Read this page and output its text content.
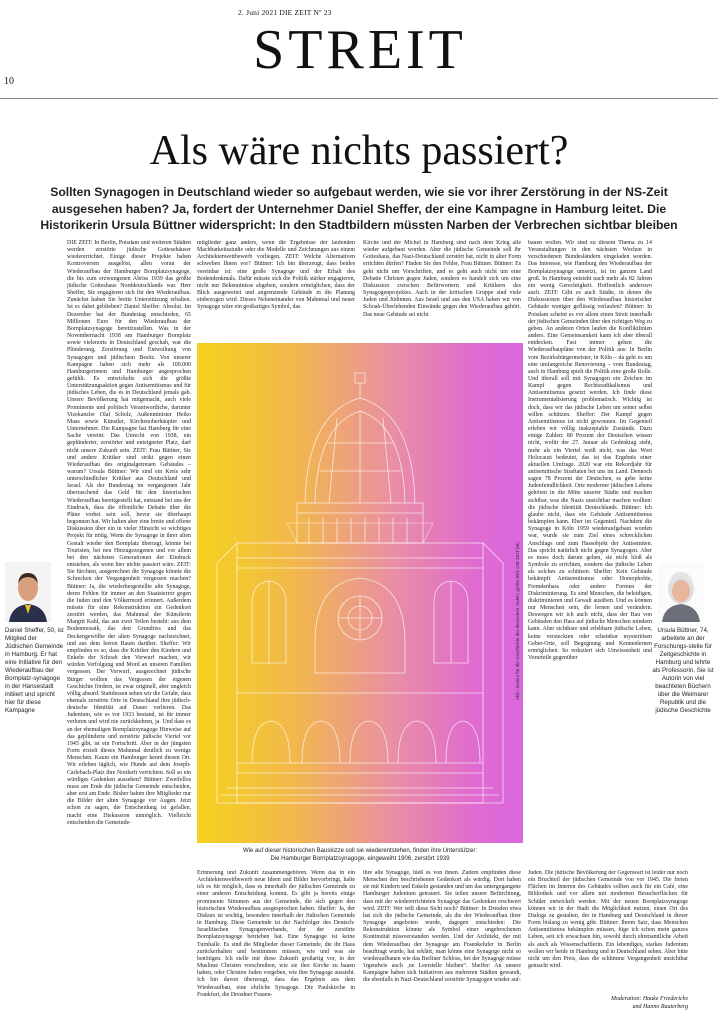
2. Juni 2021 DIE ZEIT Nº 23
STREIT
10
Als wäre nichts passiert?
Sollten Synagogen in Deutschland wieder so aufgebaut werden, wie sie vor ihrer Zerstörung in der NS-Zeit ausgesehen haben? Ja, fordert der Unternehmer Daniel Sheffer, der eine Kampagne in Hamburg leitet. Die Historikerin Ursula Büttner widerspricht: In den Stadtbildern müssten Narben der Verbrechen sichtbar bleiben
Daniel Sheffer, 50, ist Mitglied der Jüdischen Gemeinde in Hamburg. Er hat eine Initiative für den Wiederaufbau der Bornplatz-synagoge in der Hansestadt initiiert und spricht hier für diese Kampagne
Ursula Büttner, 74, arbeitete an der Forschungs-stelle für Zeitgeschichte in Hamburg und lehrte als Professorin. Sie ist Autorin von viel beachteten Büchern über die Weimarer Republik und die jüdische Geschichte

DIE ZEIT: In Berlin, Potsdam und weiteren Städten werden zerstörte jüdische Gottesehäuser wiedererrichtet. Einige dieser Projekte haben Kontroversen ausgelöst, allen voran der Wiederaufbau der Hamburger Bornplatzsynagoge, die bis zum erzwungenen Abriss 1939 das größte jüdische Gotteshaus Norddeutschlands war. Herr Sheffer, Sie engagieren sich für den Wiederaufbau. Zunächst haben Sie breite Unterstützung erhalten. Ist es dabei geblieben? Daniel Sheffer: Absolut. Im Dezember hat der Bundestag entschieden, 65 Millionen Euro für den Wiederaufbau der Bornplatzsynagoge bereitzustellen. Was in der Novembernacht 1938 am Hamburger Bornplatz sowie vielenorts in Deutschland geschah, war die Plünderung, Zerstörung und Entweihung von Synagogen und jüdischem Besitz. Von unserer Kampagne haben sich mehr als 100.000 Hamburgerinnen und Hamburger angesprochen gefühlt. Es entwickelte sich die größte Unterstützungsaktion gegen Antisemitismus und für jüdisches Leben, die es in Deutschland jemals gab. Unsere Bevölkerung hat mitgemacht, auch viele Prominente und politisch Verantwortliche, darunter Vizekanzler Olaf Scholz, Außenminister Heiko Maas sowie Künstler, Kirchenoberhäupter und Unternehmer. Die Kampagne hat Hamburg für eine Sache vereint: Das Unrecht von 1938, ein geplünderter, zerstörter und enteigneter Platz, darf nicht unsere Zukunft sein. ZEIT: Frau Büttner, Sie und andere Kritiker sind strikt gegen einen Wiederaufbau des originalgetreuen Gebäudes – warum? Ursula Büttner: Wir sind ein Kreis sehr unterschiedlicher Kritiker aus Deutschland und Israel. Als der Bundestag im vergangenen Jahr überraschend das Geld für den historischen Wiederaufbau bereitgestellt hat, entstand bei uns der Eindruck, dass die öffentliche Debatte über die Pläne vorbei sein soll, bevor sie überhaupt begonnen hat. Wir halten aber eine breite und offene Diskussion über ein in vieler Hinsicht so wichtiges Projekt für nötig. Wenn die Synagoge in ihrer alten Gestalt wieder den Bornplatz überragt, könnte bei Touristen, bei neu Hinzugezogenen und vor allem bei den nächsten Generationen der Eindruck entstehen, als wenn hier nichts passiert wäre. ZEIT: Sie fürchten, ausgerechnet die Synagoge könnte die Schrecken der Vergangenheit vergessen machen? Büttner: Ja, die wiederhergestellte alte Synagoge, deren Fehlen für immer an den Staatsterror gegen die Juden und den Völkermord erinnert. Außerdem müsste für eine Rekonstruktion ein Gedenkort zerstört werden, das Mahnmal der Künstlerin Margrit Kahl, das aus zwei Teilen besteht: aus dem Bodenmosaik, das den Grundriss und das Deckengewölbe der alten Synagoge nachzeichnet, und aus dem leeren Raum darüber. Sheffer: Wir empfinden es so, dass die Kritiker den Kindern und Enkeln der Schoah den Vorwurf machen, wir würden Verfolgung und Mord an unseren Familien vergessen. Der Vorwurf, ausgerechnet jüdische Bürger wollten das Vergessen der eigenen Geschichte fördern, ist zwar originell, aber ungleich völlig absurd. Stattdessen sehen wir die Gefahr, dass ehemals zerstörte Orte in Deutschland ihre jüdisch-deutsche Identität auf Dauer verlieren. Das Judentum, wie es vor 1933 bestand, ist für immer verloren und wird nie zurückkehren, ja. Und dass es an der ehemaligen Bornplatzsynagoge Hinweise auf das geplünderte und zerstörte jüdische Viertel vor 1945 gibt, ist ein Fortschritt. Aber in der jüngsten Form erzielt dieses Mahnmal deutlich zu wenige Menschen. Kaum ein Hamburger kennt diesen Ort. Wir erleben täglich, wie Hunde auf dem Joseph-Carlebach-Platz ihre Notdurft verrichten. Soll so ein würdiges Gedenken aussehen? Büttner: Zweifellos muss am Ende die jüdische Gemeinde entscheiden, aber erst am Ende. Bisher haben ihre Mitglieder nur die Bilder der alten Synagoge vor Augen. Jetzt schon zu sagen, die Entscheidung ist gefallen, macht eine Diskussion unmöglich. Vielleicht entscheiden die Gemeinde-

mitglieder ganz anders, wenn die Ergebnisse der laufenden Machbarkeitsstudie oder die Modelle und Zeichnungen aus einem Architektenwettbewerb vorliegen. ZEIT: Welche Alternativen schweben Ihnen vor? Büttner: Ich bin überzeugt, dass beides vereinbar ist: eine große Synagoge und der Erhalt des Bodendenkmals. Dafür müsste sich die Politik stärker engagieren, nicht nur Bekenntnisse abgeben, sondern ermöglichen, dass der Blick ausgeweitet und angrenzende Gebäude in die Planung einbezogen wird. Dieses Nebeneinander von Mahnmal und neuer Synagoge wäre ein großartiges Symbol, das

Kirche und der Michel in Hamburg sind nach dem Krieg alle wieder aufgebaut worden. Aber die jüdische Gemeinde soll ihr Gotteshaus, das Nazi-Deutschland zerstört hat, nicht in alter Form errichten dürfen? Finden Sie den Fehler, Frau Büttner. Büttner: Es geht nicht um Vorschriften, und es geht auch nicht um eine Debatte Christen gegen Juden, sondern es handelt sich um eine Diskussion zwischen Befürwortern und Kritikern des Synagogenprojektes. Auch in der kritischen Gruppe sind viele Juden und Jüdinnen. Aus Israel und aus den USA haben wir von Schoah-Überlebenden Einwände gegen den Wiederaufbau gehört. Das neue Gebäude sei nicht

bauen wollen. Wir sind zu diesem Thema zu 14 Veranstaltungen in den nächsten Wochen in verschiedenen Bundesländern eingeladen worden. Das Interesse, wie Hamburg den Wiederaufbau der Bornplatzsynagoge umsetzt, ist im ganzen Land groß. In Hamburg entsteht nach mehr als 82 Jahren ein wenig Gerechtigkeit. Hoffentlich anderswo auch. ZEIT: Gibt es auch Städte, in denen die Diskussionen über den Wiederaufbau historischer Gebäude weniger geflüssig verlaufen? Büttner: In Potsdam scheint es vor allem einen Streit innerhalb der jüdischen Gemeinden über den richtigen Weg zu geben. An anderen Orten laufen die Konfliktlinien anders. Eine Gemeinsamkeit kann ich aber überall entdecken. Fast immer gehen die Wiederaufbaupläne von der Politik aus: In Berlin vom Bezirksbürgermeister, in Köln – da geht es um eine umfangreiche Renovierung – vom Bundestag, auch in Hamburg spielt die Politik eine große Rolle. Und überall soll mit Synagogen ein Zeichen im Kampf gegen Rechtsradikalismus und Antisemitismus gesetzt werden. Ich finde diese Instrumentalisierung problematisch. Wichtig ist doch, dass wir das jüdische Leben um seiner selbst willen schützen. Sheffer: Der Kampf gegen Antisemitismus ist nicht gewonnen. Im Gegenteil erleben wir völlig inakzeptable Zustände. Dazu einige Zahlen: 80 Prozent der Deutschen wissen nicht, wofür der 27. Januar als Gedenktag steht, mehr als ein Viertel weiß nicht, was das Wort Holocaust bedeutet, das ist das Ergebnis einer aktuellen Umfrage. 2020 war ein Rekordjahr für antisemitische Straftaten bei uns im Land. Dennoch sagen 78 Prozent der Deutschen, es gebe keine Judenfeindlichkeit. Orte moderner jüdischen Lebens gehören in die Mitte unserer Städte und machen sichtbar, was die Nazis unsichtbar machen wollten: die jüdische Identität Deutschlands. Büttner: Ich glaube nicht, dass ein Gebäude Antisemitismus bekämpfen kann. Eher im Gegenteil. Nachdem die Synagoge in Köln 1959 wiederaufgebaut worden war, wurde sie zum Ziel eines schrecklichen Anschlags und zum Hassobjekt der Antisemiten. Das spricht natürlich nicht gegen Synagogen. Aber es muss doch darum gehen, sie nicht bloß als Symbole zu errichten, sondern das jüdische Leben als solches zu schützen. Sheffer: Kein Gebäude bekämpft Antisemitismus oder Homophobie, Fremdenhass oder andere Formen der Diskriminierung. Es sind Menschen, die beleidigen, diskriminieren und Gewalt ausüben. Und es können nur Menschen sein, die lernen und verändern. Deswegen wir ich auch nicht, dass der Bau von Gebäuden den Hass auf jüdische Menschen mindern kann. Aber sichtbare und erlebbare jüdische Leben, keine versteckten oder scheinbar mysteriösen Geber-Orte, soll Begegnung und Kennenlernen ermöglichen. So reduziert sich Unwissenheit und Vorurteile gegenüber

Erinnerung und Zukunft zusammengehören. Wenn das in ein Architektenwettbewerb neue Ideen und Bilder hervorbringt, halte ich es für möglich, dass es innerhalb der jüdischen Gemeinde zu einer anderen Entscheidung kommt. Es gibt ja bereits einige prominente Stimmen aus der Gemeinde, die sich gegen den historischen Wiederaufbau ausgesprochen haben. Sheffer: Ja, der Diskurs ist wichtig, besonders innerhalb der Jüdischen Gemeinde in Hamburg. Diese Gemeinde ist der Nachfolger des Deutsch-Israelitischen Synagogenverbands, der der zerstörte Bornplatzsynagoge betrieben hat. Eine Synagoge ist keine Turnhalle. Es sind die Mitglieder dieser Gemeinde, die ihr Haus zurückerhalten und bestimmen müssen, wie und was sie benötigen. Ich stelle mir diese Zukunft großartig vor, in der Muslime Christen vorschreiben, wie sie ihre Kirche zu bauen haben, oder Christen Juden vorgeben, wie ihre Synagoge aussieht. Ich bin davon überzeugt, dass das Ergebnis aus dem Wiederaufbau, eine ehrliche Synagoge. Die Paulskirche in Frankfurt, die Dresdner Frauen-

ihre alte Synagoge, hieß es von ihnen. Zudem empfinden diese Menschen den beschriebenen Gedenkort als würdig. Dort haben sie mit Kindern und Enkeln gestanden und um das untergegangene Hamburger Judentum getrauert. Sie teilen unsere Befürchtung, dass mit der wiedererrichteten Synagoge das Gedenken erschwert wird. ZEIT: Wer teilt diese Sicht noch? Büttner: In Dresden etwa hat sich die jüdische Gemeinde, als die der Wiederaufbau ihrer Synagoge angeboten wurde, dagegen entschieden: Die Rekonstruktion könnte als Symbol einer ungebrochenen Kontinuität missverstanden werden. Und der Architekt, der mit dem Wiederaufbau der Synagoge am Fraenkelufer in Berlin beauftragt wurde, hat erklärt, man könne eine Synagoge nicht so wiederaufbauen wie das Berliner Schloss, bei der Synagoge müsse 'irgendwie auch ‚ne Leerstelle bleiben“. Sheffer: An unsere Kampagne haben sich Initiativen aus mehreren Städten gewandt, die ebenfalls in Nazi-Deutschland zerstörte Synagogen wieder auf-

Juden. Die jüdische Bevölkerung der Gegenwart ist leider nur noch ein Bruchteil der jüdischen Gemeinde von vor 1945. Die freien Flächen im Inneren des Gebäudes sollten auch für ein Café, eine Bibliothek und vor allem mit modernen Besucherflächen für Schüler entwickelt werden. Mit der neuen Bornplatzsynagoge können wir in der Stadt die Möglichkeit nutzen, einen Ort des Dialogs zu gestalten, der in Hamburg und Deutschland in dieser Form bislang zu wenig gibt. Büttner: Ihrem Satz, dass Menschen Antisemitismus bekämpfen müssen, füge ich schon mein ganzes Leben, seit ich erwachsen bin, sowohl durch ehrenamtliche Arbeit als auch als Wissenschaftlerin. Ein lebendiges, starkes Judentum wollen wir beide in Hamburg und in Deutschland sehen. Aber bitte nicht um den Preis, dass die schlimme Vergangenheit unsichtbar gemacht wird.

Moderation: Hauke Friederichs
und Hanno Rauterberg
Abb.: Institut für die Geschichte der deutschen Juden; große Bild: DIE ZEIT (M)
Wie auf dieser historischen Bauskizze soll sie wiederentstehen, finden ihre Unterstützer:
Die Hamburger Bornplatzsynagoge, eingeweiht 1906, zerstört 1939
